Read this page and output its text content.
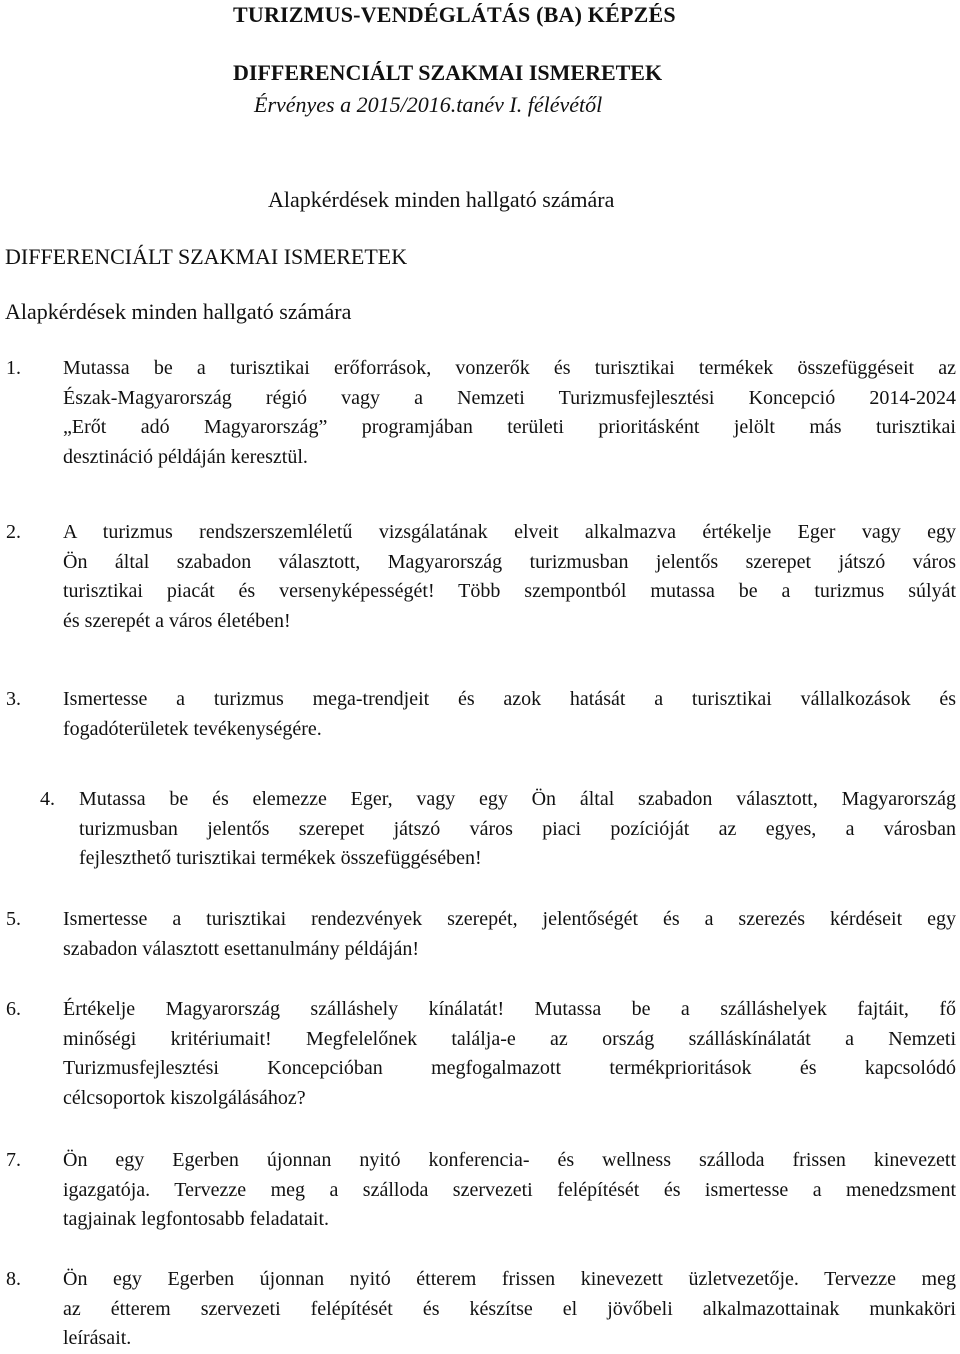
TURIZMUS-VENDÉGLÁTÁS (BA) KÉPZÉS
DIFFERENCIÁLT SZAKMAI ISMERETEK
Érvényes a 2015/2016.tanév I. félévétől
Alapkérdések minden hallgató számára
DIFFERENCIÁLT SZAKMAI ISMERETEK
Alapkérdések minden hallgató számára
1. Mutassa be a turisztikai erőforrások, vonzerők és turisztikai termékek összefüggéseit az
Észak-Magyarország régió vagy a Nemzeti Turizmusfejlesztési Koncepció 2014-2024
„Erőt adó Magyarország” programjában területi prioritásként jelölt más turisztikai
desztináció példáján keresztül.
2. A turizmus rendszerszemléletű vizsgálatának elveit alkalmazva értékelje Eger vagy egy
Ön által szabadon választott, Magyarország turizmusban jelentős szerepet játszó város
turisztikai piacát és versenyképességét! Több szempontból mutassa be a turizmus súlyát
és szerepét a város életében!
3. Ismertesse a turizmus mega-trendjeit és azok hatását a turisztikai vállalkozások és
fogadóterületek tevékenységére.
4. Mutassa be és elemezze Eger, vagy egy Ön által szabadon választott, Magyarország
turizmusban jelentős szerepet játszó város piaci pozícióját az egyes, a városban
fejleszthető turisztikai termékek összefüggésében!
5. Ismertesse a turisztikai rendezvények szerepét, jelentőségét és a szerezés kérdéseit egy
szabadon választott esettanulmány példáján!
6. Értékelje Magyarország szálláshely kínálatát! Mutassa be a szálláshelyek fajtáit, fő
minőségi kritériumait! Megfelelőnek találja-e az ország szálláskínálatát a Nemzeti
Turizmusfejlesztési Koncepcióban megfogalmazott termékprioritások és kapcsolódó
célcsoportok kiszolgálásához?
7. Ön egy Egerben újonnan nyitó konferencia- és wellness szálloda frissen kinevezett
igazgatója. Tervezze meg a szálloda szervezeti felépítését és ismertesse a menedzsment
tagjainak legfontosabb feladatait.
8. Ön egy Egerben újonnan nyitó étterem frissen kinevezett üzletvezetője. Tervezze meg
az étterem szervezeti felépítését és készítse el jövőbeli alkalmazottainak munkaköri
leírásait.
